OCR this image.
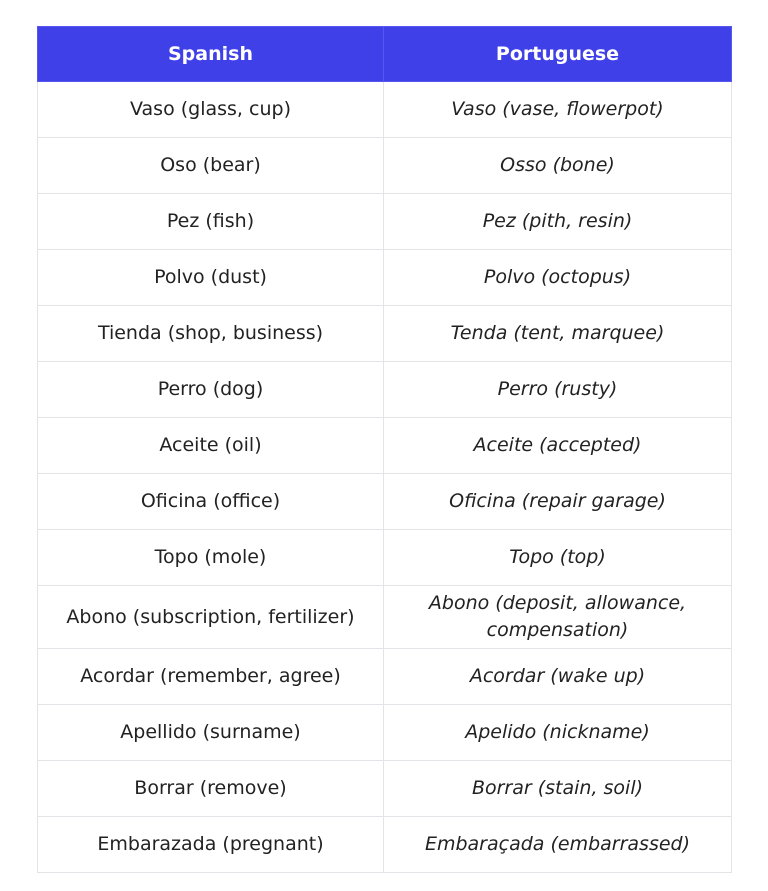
Spanish	Portuguese
Vaso (glass, cup)	Vaso (vase, flowerpot)
Oso (bear)	Osso (bone)
Pez (fish)	Pez (pith, resin)
Polvo (dust)	Polvo (octopus)
Tienda (shop, business)	Tenda (tent, marquee)
Perro (dog)	Perro (rusty)
Aceite (oil)	Aceite (accepted)
Oficina (office)	Oficina (repair garage)
Topo (mole)	Topo (top)
Abono (subscription, fertilizer)	Abono (deposit, allowance, compensation)
Acordar (remember, agree)	Acordar (wake up)
Apellido (surname)	Apelido (nickname)
Borrar (remove)	Borrar (stain, soil)
Embarazada (pregnant)	Embaraçada (embarrassed)
